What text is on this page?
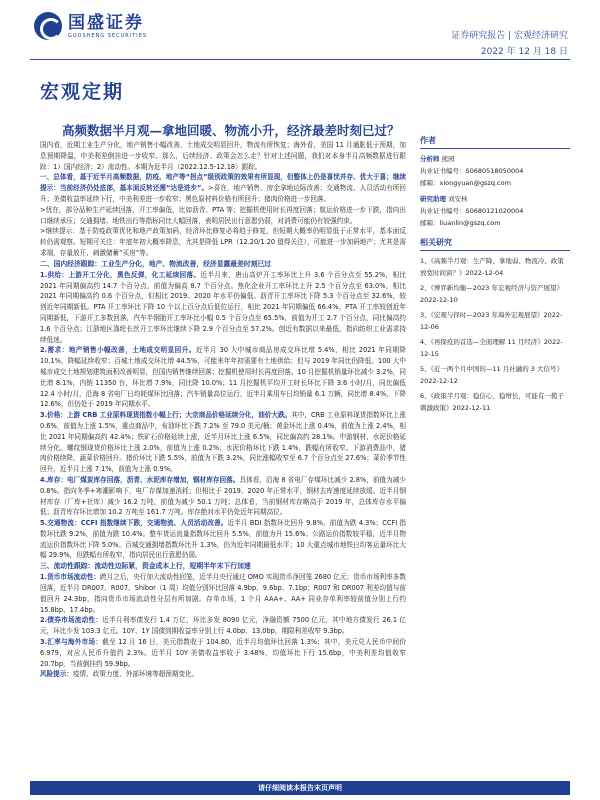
国盛证券
GUOSHENG SECURITIES	证券研究报告 | 宏观经济研究
2022 年 12 月 18 日
宏观定期
高频数据半月观—拿地回暖、物流小升，经济最差时刻已过？
国内看，近期工业生产分化，地产销售小幅改善，土地成交明显回升，物流有所恢复；海外看，美国 11 月通胀低于预期，加息预期降温，申美利差倒挂进一步收窄。那么，后续经济、政策会怎么走？针对上述问题，我们对本身半月高频数据进行跟踪：1）国内经济；2）流动性。本期为近半月（2022.12.5-12.18）跟踪。
一、总体看，基于近半月高频数据，防疫、地产等“拐点”级别政策的效果有所显现，但整体上仍是喜忧并存、优大于喜；继续提示：当前经济仍处底部，基本面反转还需“达是进步”。>喜在，地产销售、房企拿地边际改善；交通物流、人员活动有所回升；美债收益率延续下行，中美利差进一步收窄；黑色原材料价格有所回升；猪肉价格进一步回落。
>忧在，部分品种生产延续回落，开工率偏低，比如沥青、PTA 等；挖掘机使用时长再度回落；航运价格进一步下跌，指向出口继续承压；交通拥堵、地铁出行等指标同比大幅回落，表明居民出行意愿仍弱，对消费可能仍有较强约束。
>继续提示：基于防疫政策优化和地产政策加码，经济环比修复必将趋于修复，但短期大概率仍明显低于正常水平，基本面反转仍需观察。短期可关注：年底年初大概率降息，尤其是降低 LPR（12.20/1.20 值得关注），可能进一步加码地产；尤其是需求端，存量放开、刺激储蓄“买房”等。
二、国内经济跟踪：工业生产分化，地产、物流改善，经济显露最差时刻已过
1.供给：上游开工分化，黑色反弹，化工延续回落。近半月来，唐山高炉开工率环比上升 3.6 个百分点至 55.2%，相比 2021 年同期偏高约 14.7 个百分点，前值为偏高 8.7 个百分点。焦化企业开工率环比上升 2.5 个百分点至 63.0%，相比 2021 年同期偏高约 0.6 个百分点，但相比 2019、2020 年水平仍偏低。沥青开工率环比下降 5.3 个百分点至 32.6%，较创近年同期新低。PTA 开工率环比下降 10 个以上百分点后低位运行，相比 2021 年同期偏低 66.4%。PTA 开工率较创近年同期新低，下游开工多数回落，汽车半钢胎开工率环比小幅 0.5 个百分点至 65.5%，前值为开工 2.7 个百分点，同比偏高约 1.6 个百分点；江浙地区涤纶长丝开工率环比继续下降 2.9 个百分点至 57.2%。创近有数据以来最低，指向纺织工业需求持续低迷。
2.需求：地产销售小幅改善，土地成交明显回升。近半月 30 大中城市商品房成交环比增 5.4%，相比 2021 年同期降 10.1%，降幅延续收窄；百城土地成交环比增 44.5%，可能来年年初需要有土地供给；但与 2019 年同比仍降低。100 大中城市成交土地规划建筑面积改善明显，但国内销售继续回落；挖掘机使用时长再度回落。10 月挖掘机销量环比减少 3.2%，同比增 8.1%，内销 11350 台，环比增 7.9%，同比降 10.0%；11 月挖掘机平均开工时长环比下降 3.6 小时/月，同比偏低 12.4 小时/月，沿海 8 省电厂日均耗煤环比回落；汽车销量高位运行，近半月乘用车日均销量 6.1 万辆，同比增 8.4%，下降 12.6%，但仍处于 2019 年同期水平。
3.价格：上游 CRB 工业原料现货指数小幅上行；大宗商品价格延续分化，油价大跌。其中，CRB 工业原料现货指数环比上涨 0.6%，前值为上涨 1.5%，重点商品中，布油环比下跌 7.2% 至 79.0 美元/桶；黄金环比上涨 0.4%，前值为上涨 2.4%，相比 2021 年同期偏高约 42.4%；铁矿石价格延续上涨，近半月环比上涨 6.5%，同比偏高约 28.1%。中游钢材、水泥价格延续分化。螺纹钢现货价格环比上涨 2.0%，前值为上涨 0.2%；水泥价格环比下跌 1.4%，跌幅有所收窄。下游消费品中，猪肉价格续降，蔬菜价格回升。猪价环比下跌 5.5%，前值为下跌 3.2%，同比涨幅收窄至 6.7 个百分点至 27.6%；菜价季节性回升，近半月上涨 7.1%，前值为上涨 0.9%。
4.库存：电厂煤炭库存回落，沥青、水泥库存增加，钢材库存回落。具体看，沿海 8 省电厂存煤环比减少 2.8%，前值为减少 0.8%。指向冬季+寒潮影响下，电厂存煤加速消耗；但相比于 2019、2020 年正常水平，钢材去库速度延续放缓。近半月钢材库存（厂库+社库）减少 16.2 万吨，前值为减少 50.1 万吨；总体看，当前钢材库存略高于 2019 年，总体库存水平偏低；沥青库存环比增加 10.2 万吨至 161.7 万吨。库存绝对水平仍处近年同期高位。
5.交通物流：CCFI 指数继续下跌，交通物流、人员活动改善。近半月 BDI 指数环比回升 9.8%，前值为跌 4.3%；CCFI 指数环比跌 9.2%，前值为跌 10.4%。整车货运流量指数环比回升 5.5%，前值为升 15.6%；公路运价指数较平稳，近半月物流运价指数环比下降 5.0%。百城交通拥堵指数环比升 1.3%，仍为近年同期最低水平；10 大重点城市地铁日均客运量环比大幅 29.9%，但跌幅有所收窄，指向居民出行意愿仍弱。
三、流动性跟踪：流动性边际紧，资金成本上行，短期半年末下行加速
1.货币市场流动性：跨月之后，央行加大流动性回笼，近半月央行通过 OMO 实现货币净回笼 2680 亿元；货币市场利率多数回落，近半月 DR007、R007、Shibor（1 周）均值分别环比回落 4.9bp、9.6bp、7.1bp；R007 和 DR007 利差均值与前值回升 24.3bp，指向货币市场流动性分层有所加剧。存单市场，1 个月 AAA+、AA+ 同业存单利率较前值分别上行约 15.8bp、17.4bp。
2.债券市场流动性：近半月利率债发行 1.4 万亿，环比多发 8090 亿元，净融资额 7500 亿元，其中地方债发行 26.1 亿元，环比少发 103.3 亿元。10Y、1Y 国债到期收益率分别上行 4.0bp、13.0bp，期限利差收窄 9.3bp。
3.汇率与海外市场：截至 12 月 16 日，美元指数收于 104.80，近半月均值环比回落 1.3%；其中，美元兑人民币中间价 6.979，对应人民币升值约 2.3%。近半月 10Y 美债收益率收于 3.48%，均值环比下行 15.6bp，中美利差均值收窄 20.7bp，当前倒挂约 59.9bp。
风险提示：疫情、政策力度、外部环境等超预期变化。
作者
分析师 熊园
执业证书编号：S0680518050004
邮箱：xiongyuan@gszq.com
研究助理 刘安林
执业证书编号：S0680121020004
邮箱：liuanlin@gszq.com
相关研究
1、《高频半月观：生产降、拿地弱、物流冷、政策放宽时间窗？》2022-12-04
2、《博弈新均衡—2023 年宏观经济与资产展望》2022-12-10
3、《宏观与择时—2023 年海外宏观展望》2022-12-06
4、《再探疫的首选—全面理解 11 月经济》2022-12-15
5、《近一两个月中国的—11 月社融的 3 大信号》2022-12-12
6、《政策半月观：稳信心、稳增长，可能有一揽子刺激政策》2022-12-11
请仔细阅读本报告末页声明
